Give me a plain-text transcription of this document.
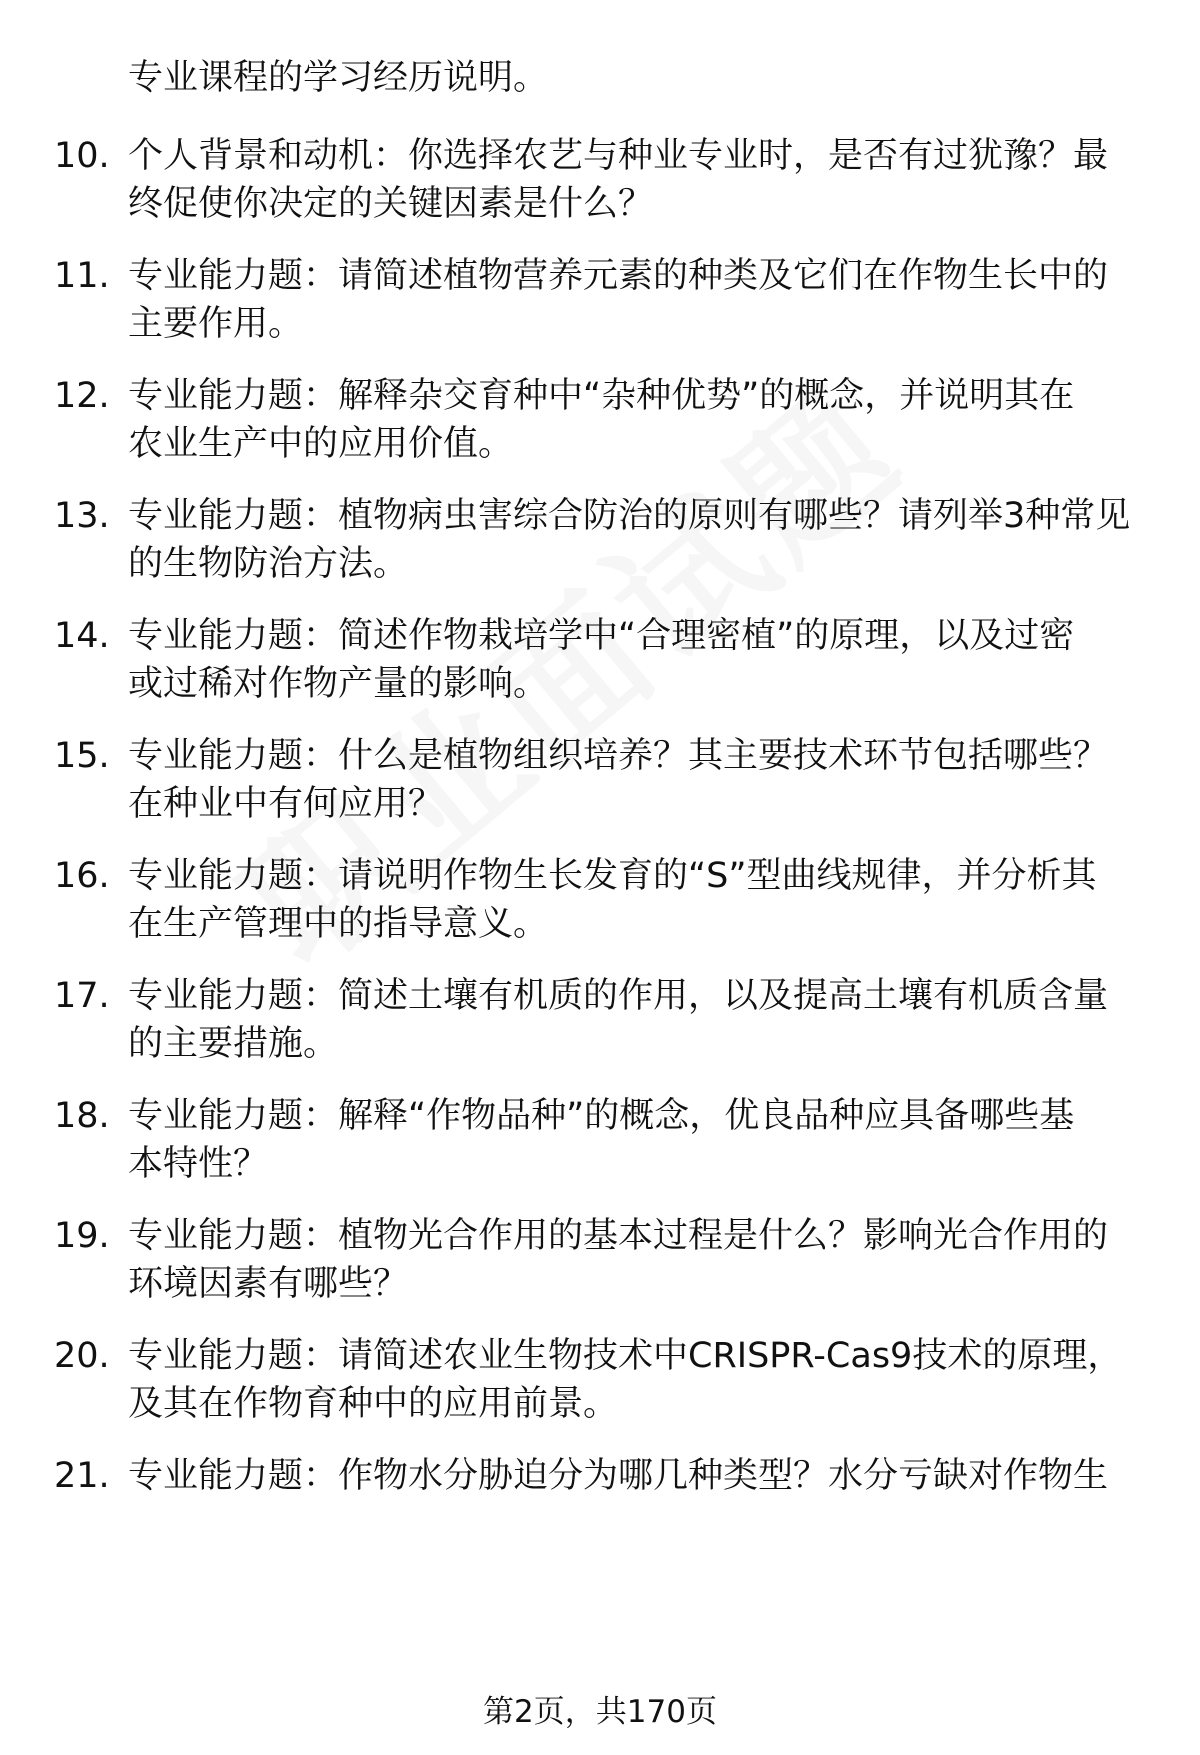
专业课程的学习经历说明。
10. 个人背景和动机：你选择农艺与种业专业时，是否有过犹豫？最
终促使你决定的关键因素是什么？
11. 专业能力题：请简述植物营养元素的种类及它们在作物生长中的
主要作用。
12. 专业能力题：解释杂交育种中“杂种优势”的概念，并说明其在
农业生产中的应用价值。
13. 专业能力题：植物病虫害综合防治的原则有哪些？请列举3种常见
的生物防治方法。
14. 专业能力题：简述作物栽培学中“合理密植”的原理，以及过密
或过稀对作物产量的影响。
15. 专业能力题：什么是植物组织培养？其主要技术环节包括哪些？
在种业中有何应用？
16. 专业能力题：请说明作物生长发育的“S”型曲线规律，并分析其
在生产管理中的指导意义。
17. 专业能力题：简述土壤有机质的作用，以及提高土壤有机质含量
的主要措施。
18. 专业能力题：解释“作物品种”的概念，优良品种应具备哪些基
本特性？
19. 专业能力题：植物光合作用的基本过程是什么？影响光合作用的
环境因素有哪些？
20. 专业能力题：请简述农业生物技术中CRISPR-Cas9技术的原理，
及其在作物育种中的应用前景。
21. 专业能力题：作物水分胁迫分为哪几种类型？水分亏缺对作物生
第2页，共170页
